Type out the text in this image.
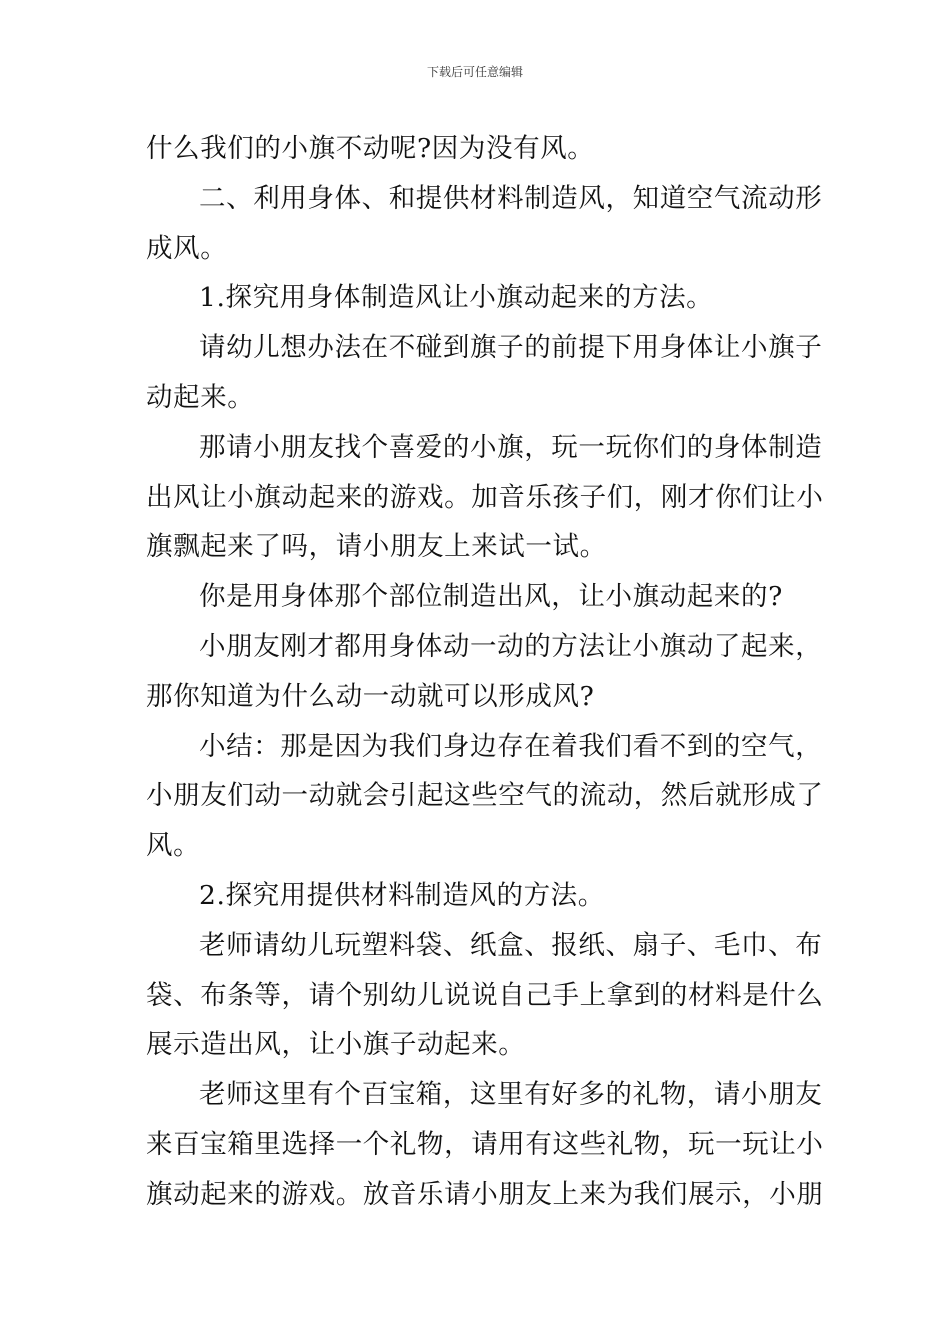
下载后可任意编辑
什么我们的小旗不动呢?因为没有风。
二、利用身体、和提供材料制造风，知道空气流动形
成风。
1.探究用身体制造风让小旗动起来的方法。
请幼儿想办法在不碰到旗子的前提下用身体让小旗子
动起来。
那请小朋友找个喜爱的小旗，玩一玩你们的身体制造
出风让小旗动起来的游戏。加音乐孩子们，刚才你们让小
旗飘起来了吗，请小朋友上来试一试。
你是用身体那个部位制造出风，让小旗动起来的?
小朋友刚才都用身体动一动的方法让小旗动了起来，
那你知道为什么动一动就可以形成风?
小结：那是因为我们身边存在着我们看不到的空气，
小朋友们动一动就会引起这些空气的流动，然后就形成了
风。
2.探究用提供材料制造风的方法。
老师请幼儿玩塑料袋、纸盒、报纸、扇子、毛巾、布
袋、布条等，请个别幼儿说说自己手上拿到的材料是什么
展示造出风，让小旗子动起来。
老师这里有个百宝箱，这里有好多的礼物，请小朋友
来百宝箱里选择一个礼物，请用有这些礼物，玩一玩让小
旗动起来的游戏。放音乐请小朋友上来为我们展示，小朋
